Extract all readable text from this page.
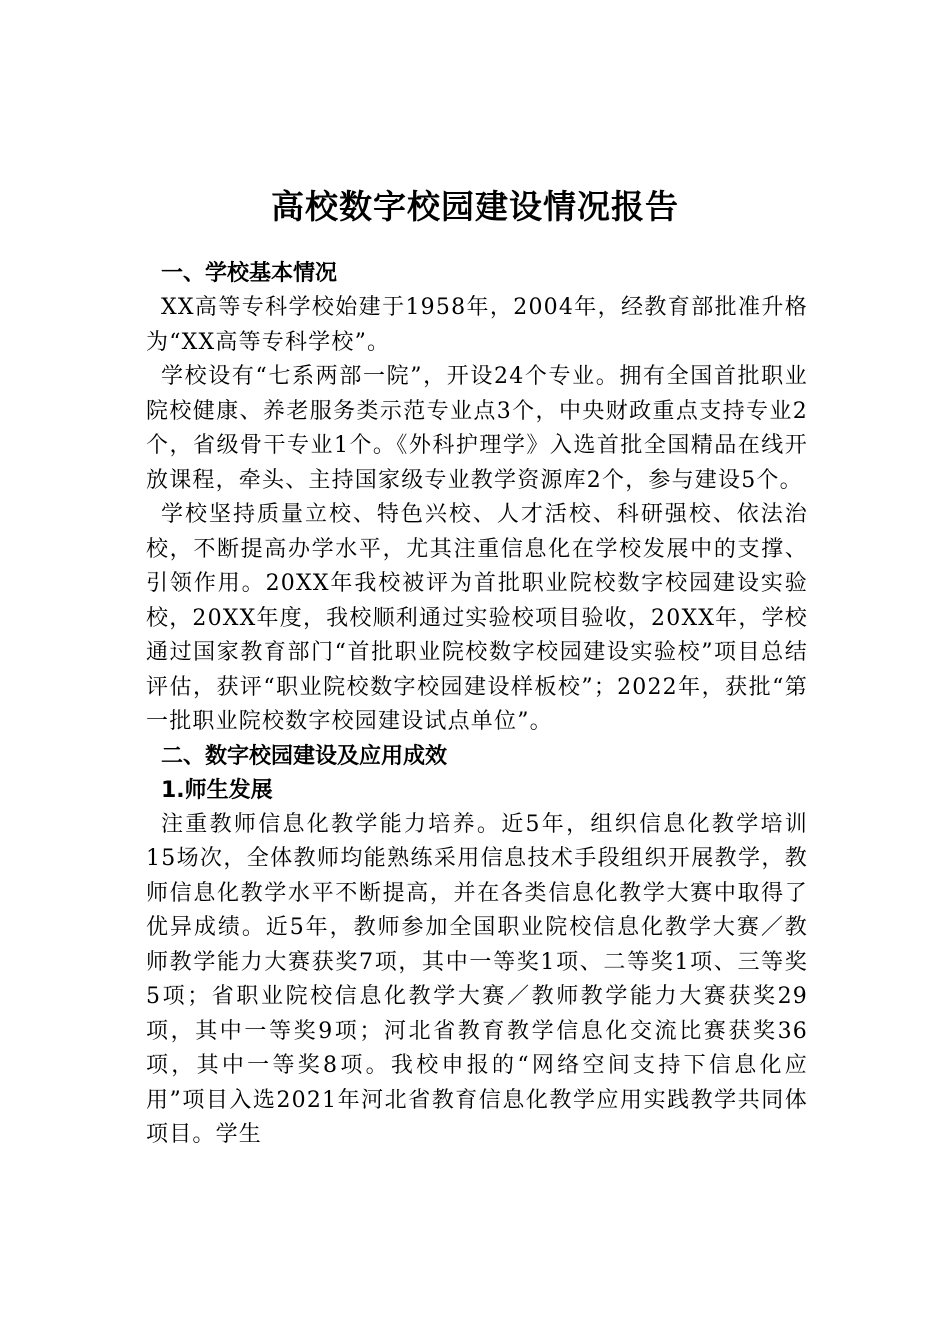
高校数字校园建设情况报告
一、学校基本情况

XX高等专科学校始建于1958年，2004年，经教育部批准升格为“XX高等专科学校”。

学校设有“七系两部一院”，开设24个专业。拥有全国首批职业院校健康、养老服务类示范专业点3个，中央财政重点支持专业2个，省级骨干专业1个。《外科护理学》入选首批全国精品在线开放课程，牵头、主持国家级专业教学资源库2个，参与建设5个。

学校坚持质量立校、特色兴校、人才活校、科研强校、依法治校，不断提高办学水平，尤其注重信息化在学校发展中的支撑、引领作用。20XX年我校被评为首批职业院校数字校园建设实验校，20XX年度，我校顺利通过实验校项目验收，20XX年，学校通过国家教育部门“首批职业院校数字校园建设实验校”项目总结评估，获评“职业院校数字校园建设样板校”；2022年，获批“第一批职业院校数字校园建设试点单位”。

二、数字校园建设及应用成效
1.师生发展

注重教师信息化教学能力培养。近5年，组织信息化教学培训15场次，全体教师均能熟练采用信息技术手段组织开展教学，教师信息化教学水平不断提高，并在各类信息化教学大赛中取得了优异成绩。近5年，教师参加全国职业院校信息化教学大赛／教师教学能力大赛获奖7项，其中一等奖1项、二等奖1项、三等奖5项；省职业院校信息化教学大赛／教师教学能力大赛获奖29项，其中一等奖9项；河北省教育教学信息化交流比赛获奖36项，其中一等奖8项。我校申报的“网络空间支持下信息化应用”项目入选2021年河北省教育信息化教学应用实践教学共同体项目。学生
